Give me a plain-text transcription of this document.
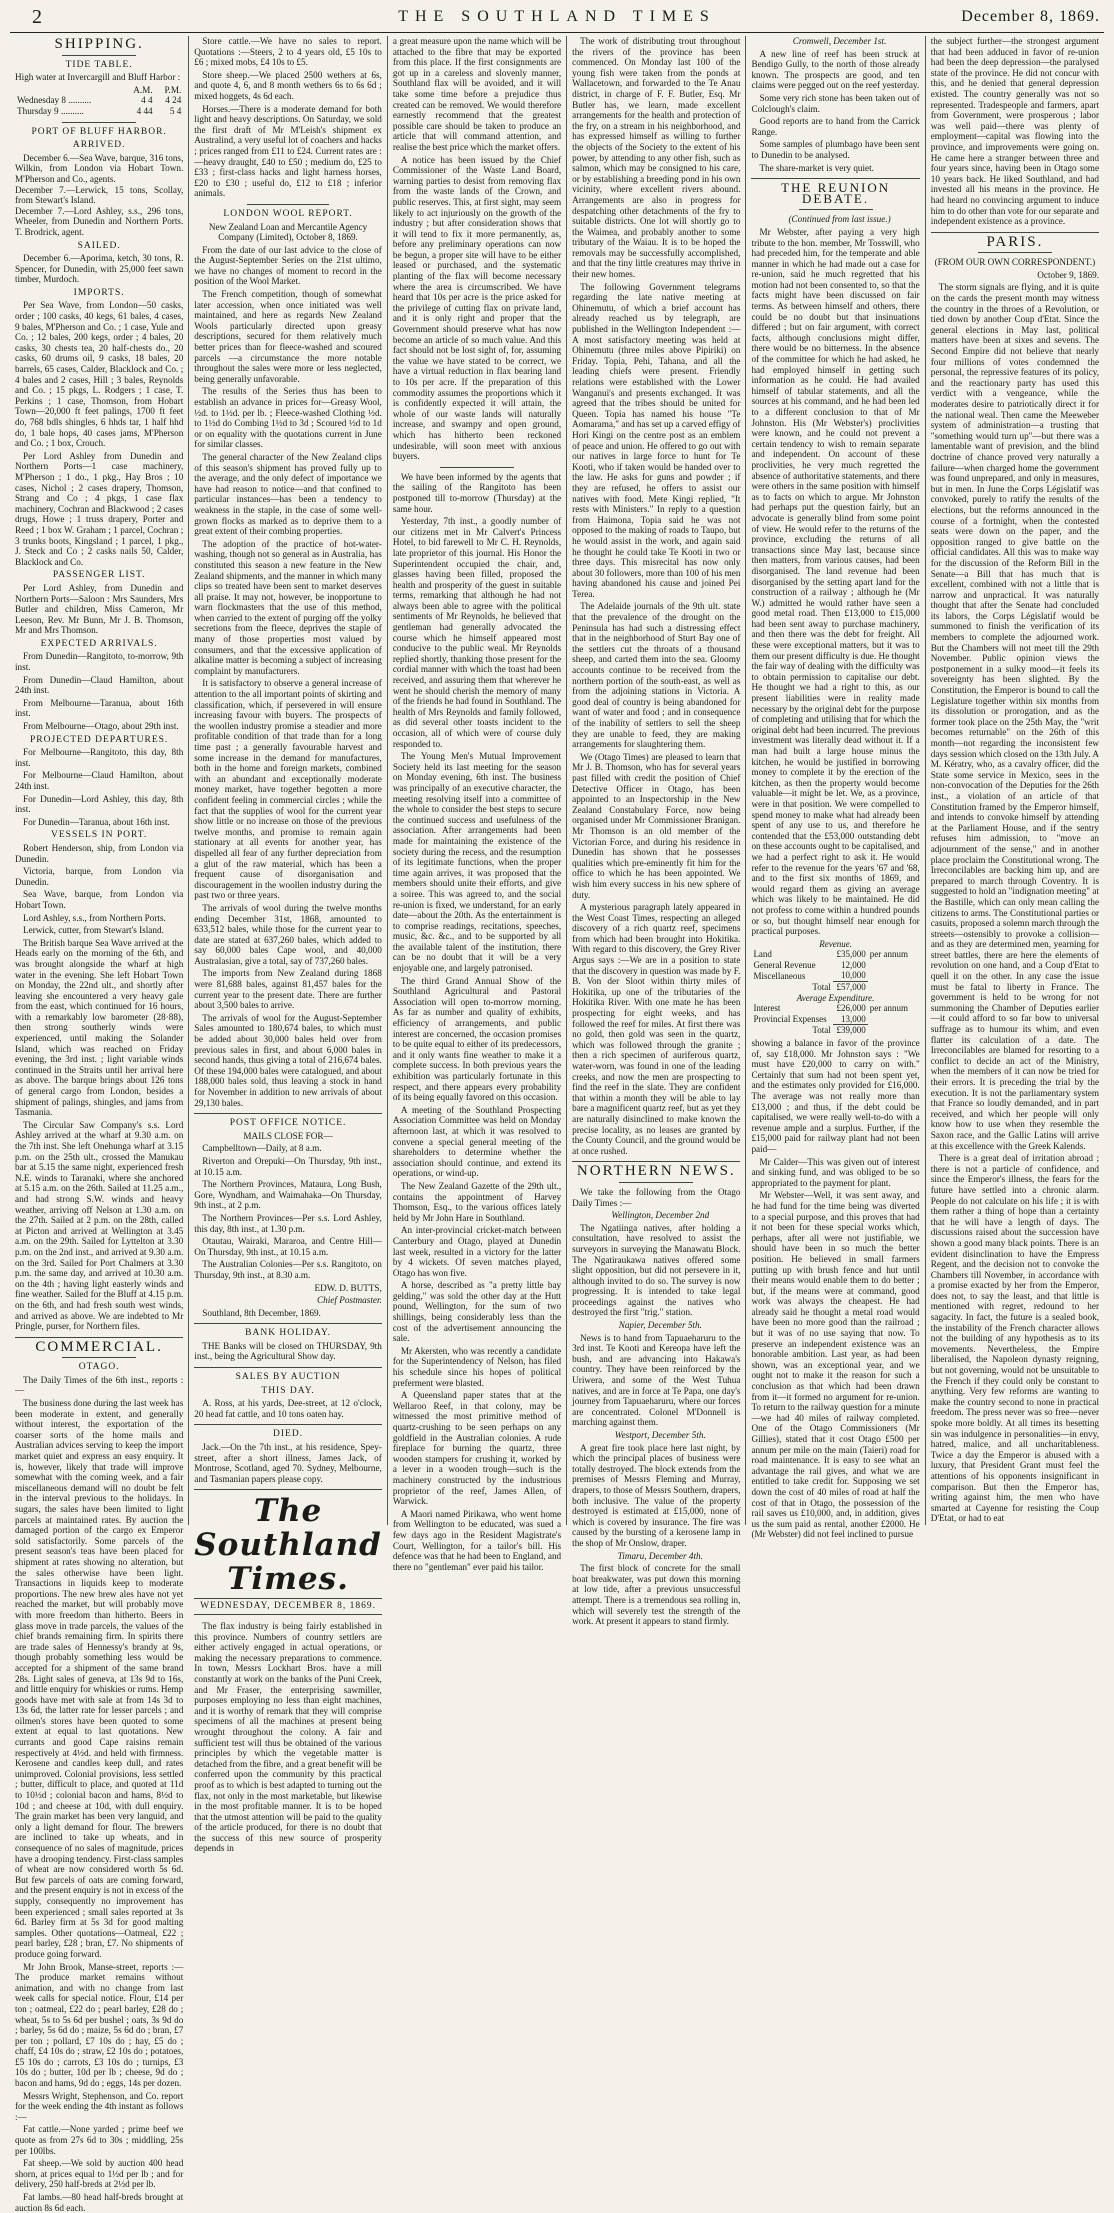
2	THE SOUTHLAND TIMES	December 8, 1869.
SHIPPING.
TIDE TABLE.

High water at Invercargill and Bluff Harbor :

	A.M.	P.M.
Wednesday 8 ..........	4 4	4 24
Thursday 9 ..........	4 44	5 4
PORT OF BLUFF HARBOR.
ARRIVED.

December 6.—Sea Wave, barque, 316 tons, Wilkin, from London via Hobart Town. M'Pherson and Co., agents.
December 7.—Lerwick, 15 tons, Scollay, from Stewart's Island.
December 7.—Lord Ashley, s.s., 296 tons, Wheeler, from Dunedin and Northern Ports. T. Brodrick, agent.

SAILED.

December 6.—Aporima, ketch, 30 tons, R. Spencer, for Dunedin, with 25,000 feet sawn timber, Murdoch.

IMPORTS.

Per Sea Wave, from London—50 casks, order ; 100 casks, 40 kegs, 61 bales, 4 cases, 9 bales, M'Pherson and Co. ; 1 case, Yule and Co. ; 12 bales, 200 kegs, order ; 4 bales, 20 casks, 30 chests tea, 20 half-chests do., 20 casks, 60 drums oil, 9 casks, 18 bales, 20 barrels, 65 cases, Calder, Blacklock and Co. ; 4 bales and 2 cases, Hill ; 3 bales, Reynolds and Co. ; 15 pkgs, L. Rodgers ; 1 case, T. Perkins ; 1 case, Thomson, from Hobart Town—20,000 ft feet palings, 1700 ft feet do, 768 bdls shingles, 6 hhds tar, 1 half hhd do, 1 bale hops, 40 cases jams, M'Pherson and Co. ; 1 box, Crouch.

Per Lord Ashley from Dunedin and Northern Ports—1 case machinery, M'Pherson ; 1 do., 1 pkg., Hay Bros ; 10 cases, Nichol ; 2 cases drapery, Thomson, Strang and Co ; 4 pkgs, 1 case flax machinery, Cochran and Blackwood ; 2 cases drugs, Howe ; 1 truss drapery, Porter and Reed ; 1 box W. Graham ; 1 parcel, Cochran ; 3 trunks boots, Kingsland ; 1 parcel, 1 pkg., J. Steck and Co ; 2 casks nails 50, Calder, Blacklock and Co.

PASSENGER LIST.

Per Lord Ashley, from Dunedin and Northern Ports—Saloon : Mrs Saunders, Mrs Butler and children, Miss Cameron, Mr Leeson, Rev. Mr Bunn, Mr J. B. Thomson, Mr and Mrs Thomson.

EXPECTED ARRIVALS.

From Dunedin—Rangitoto, to-morrow, 9th inst.

From Dunedin—Claud Hamilton, about 24th inst.

From Melbourne—Taranua, about 16th inst.

From Melbourne—Otago, about 29th inst.

PROJECTED DEPARTURES.

For Melbourne—Rangitoto, this day, 8th inst.

For Melbourne—Claud Hamilton, about 24th inst.

For Dunedin—Lord Ashley, this day, 8th inst.

For Dunedin—Taranua, about 16th inst.

VESSELS IN PORT.

Robert Henderson, ship, from London via Dunedin.

Victoria, barque, from London via Dunedin.

Sea Wave, barque, from London via Hobart Town.

Lord Ashley, s.s., from Northern Ports.

Lerwick, cutter, from Stewart's Island.

The British barque Sea Wave arrived at the Heads early on the morning of the 6th, and was brought alongside the wharf at high water in the evening. She left Hobart Town on Monday, the 22nd ult., and shortly after leaving she encountered a very heavy gale from the east, which continued for 16 hours, with a remarkably low barometer (28·88), then strong southerly winds were experienced, until making the Solander Island, which was reached on Friday evening, the 3rd inst. ; light variable winds continued in the Straits until her arrival here as above. The barque brings about 126 tons of general cargo from London, besides a shipment of palings, shingles, and jams from Tasmania.

The Circular Saw Company's s.s. Lord Ashley arrived at the wharf at 9.30 a.m. on the 7th inst. She left Onehunga wharf at 3.15 p.m. on the 25th ult., crossed the Manukau bar at 5.15 the same night, experienced fresh N.E. winds to Taranaki, where she anchored at 5.15 a.m. on the 26th. Sailed at 11.25 a.m., and had strong S.W. winds and heavy weather, arriving off Nelson at 1.30 a.m. on the 27th. Sailed at 2 p.m. on the 28th, called at Picton and arrived at Wellington at 3.45 a.m. on the 29th. Sailed for Lyttelton at 3.30 p.m. on the 2nd inst., and arrived at 9.30 a.m. on the 3rd. Sailed for Port Chalmers at 3.30 p.m. the same day, and arrived at 10.30 a.m. on the 4th ; having light easterly winds and fine weather. Sailed for the Bluff at 4.15 p.m. on the 6th, and had fresh south west winds, and arrived as above. We are indebted to Mr Pringle, purser, for Northern files.

COMMERCIAL.
OTAGO.

The Daily Times of the 6th inst., reports :—

The business done during the last week has been moderate in extent, and generally without interest, the exportation of the coarser sorts of the home mails and Australian advices serving to keep the import market quiet and express an easy enquiry. It is, however, likely that trade will improve somewhat with the coming week, and a fair miscellaneous demand will no doubt be felt in the interval previous to the holidays. In sugars, the sales have been limited to light parcels at maintained rates. By auction the damaged portion of the cargo ex Emperor sold satisfactorily. Some parcels of the present season's teas have been placed for shipment at rates showing no alteration, but the sales otherwise have been light. Transactions in liquids keep to moderate proportions. The new brew ales have not yet reached the market, but will probably move with more freedom than hitherto. Beers in glass move in trade parcels, the values of the chief brands remaining firm. In spirits there are trade sales of Hennessy's brandy at 9s, though probably something less would be accepted for a shipment of the same brand 28s. Light sales of geneva, at 13s 9d to 16s, and little enquiry for whiskies or rums. Hemp goods have met with sale at from 14s 3d to 13s 6d, the latter rate for lesser parcels ; and oilmen's stores have been quoted to some extent at equal to last quotations. New currants and good Cape raisins remain respectively at 4½d. and held with firmness. Kerosene and candles keep dull, and rates unimproved. Colonial provisions, less settled ; butter, difficult to place, and quoted at 11d to 10½d ; colonial bacon and hams, 8½d to 10d ; and cheese at 10d, with dull enquiry. The grain market has been very languid, and only a light demand for flour. The brewers are inclined to take up wheats, and in consequence of no sales of magnitude, prices have a drooping tendency. First-class samples of wheat are now considered worth 5s 6d. But few parcels of oats are coming forward, and the present enquiry is not in excess of the supply, consequently no improvement has been experienced ; small sales reported at 3s 6d. Barley firm at 5s 3d for good malting samples. Other quotations—Oatmeal, £22 ; pearl barley, £28 ; bran, £7. No shipments of produce going forward.

Mr John Brook, Manse-street, reports :—The produce market remains without animation, and with no change from last week calls for special notice. Flour, £14 per ton ; oatmeal, £22 do ; pearl barley, £28 do ; wheat, 5s to 5s 6d per bushel ; oats, 3s 9d do ; barley, 5s 6d do ; maize, 5s 6d do ; bran, £7 per ton ; pollard, £7 10s do ; hay, £5 do ; chaff, £4 10s do ; straw, £2 10s do ; potatoes, £5 10s do ; carrots, £3 10s do ; turnips, £3 10s do ; butter, 10d per lb ; cheese, 9d do ; bacon and hams, 9d do ; eggs, 14s per dozen.

Messrs Wright, Stephenson, and Co. report for the week ending the 4th instant as follows :—

Fat cattle.—None yarded ; prime beef we quote as from 27s 6d to 30s ; middling, 25s per 100lbs.

Fat sheep.—We sold by auction 400 head shorn, at prices equal to 1½d per lb ; and for delivery, 250 half-breds at 2½d per lb.

Fat lambs.—80 head half-breds brought at auction 8s 6d each.

Store cattle.—We have no sales to report. Quotations :—Steers, 2 to 4 years old, £5 10s to £6 ; mixed mobs, £4 10s to £5.

Store sheep.—We placed 2500 wethers at 6s, and quote 4, 6, and 8 month wethers 6s to 6s 6d ; mixed hoggets, 4s 6d each.

Horses.—There is a moderate demand for both light and heavy descriptions. On Saturday, we sold the first draft of Mr M'Leish's shipment ex Australind, a very useful lot of coachers and hacks ; prices ranged from £11 to £24. Current rates are :—heavy draught, £40 to £50 ; medium do, £25 to £33 ; first-class hacks and light harness horses, £20 to £30 ; useful do, £12 to £18 ; inferior animals.

LONDON WOOL REPORT.

New Zealand Loan and Mercantile Agency Company (Limited), October 8, 1869.

From the date of our last advice to the close of the August-September Series on the 21st ultimo, we have no changes of moment to record in the position of the Wool Market.

The French competition, though of somewhat later accession, when once initiated was well maintained, and here as regards New Zealand Wools particularly directed upon greasy descriptions, secured for them relatively much better prices than for fleece-washed and scoured parcels —a circumstance the more notable throughout the sales were more or less neglected, being generally unfavorable.

The results of the Series thus has been to establish an advance in prices for—Greasy Wool, ½d. to 1½d. per lb. ; Fleece-washed Clothing ½d. to 1½d do Combing 1½d to 3d ; Scoured ½d to 1d or on equality with the quotations current in June for similar classes.

The general character of the New Zealand clips of this season's shipment has proved fully up to the average, and the only defect of importance we have had reason to notice—and that confined to particular instances—has been a tendency to weakness in the staple, in the case of some well-grown flocks as marked as to deprive them to a great extent of their combing properties.

The adoption of the practice of hot-water-washing, though not so general as in Australia, has constituted this season a new feature in the New Zealand shipments, and the manner in which many clips so treated have been sent to market deserves all praise. It may not, however, be inopportune to warn flockmasters that the use of this method, when carried to the extent of purging off the yolky secretions from the fleece, deprives the staple of many of those properties most valued by consumers, and that the excessive application of alkaline matter is becoming a subject of increasing complaint by manufacturers.

It is satisfactory to observe a general increase of attention to the all important points of skirting and classification, which, if persevered in will ensure increasing favour with buyers. The prospects of the woollen industry promise a steadier and more profitable condition of that trade than for a long time past ; a generally favourable harvest and some increase in the demand for manufactures, both in the home and foreign markets, combined with an abundant and exceptionally moderate money market, have together begotten a more confident feeling in commercial circles ; while the fact that the supplies of wool for the current year show little or no increase on those of the previous twelve months, and promise to remain again stationary at all events for another year, has dispelled all fear of any further depreciation from a glut of the raw material, which has been a frequent cause of disorganisation and discouragement in the woollen industry during the past two or three years.

The arrivals of wool during the twelve months ending December 31st, 1868, amounted to 633,512 bales, while those for the current year to date are stated at 637,260 bales, which added to say 60,000 bales Cape wool, and 40,000 Australasian, give a total, say of 737,260 bales.

The imports from New Zealand during 1868 were 81,688 bales, against 81,457 bales for the current year to the present date. There are further about 3,500 bales to arrive.

The arrivals of wool for the August-September Sales amounted to 180,674 bales, to which must be added about 30,000 bales held over from previous sales in first, and about 6,000 bales in second hands, thus giving a total of 216,674 bales. Of these 194,000 bales were catalogued, and about 188,000 bales sold, thus leaving a stock in hand for November in addition to new arrivals of about 29,130 bales.

POST OFFICE NOTICE.

MAILS CLOSE FOR—

Campbelltown—Daily, at 8 a.m.

Riverton and Orepuki—On Thursday, 9th inst., at 10.15 a.m.

The Northern Provinces, Mataura, Long Bush, Gore, Wyndham, and Waimahaka—On Thursday, 9th inst., at 2 p.m.

The Northern Provinces—Per s.s. Lord Ashley, this day, 8th inst., at 1.30 p.m.

Otautau, Wairaki, Mararoa, and Centre Hill—On Thursday, 9th inst., at 10.15 a.m.

The Australian Colonies—Per s.s. Rangitoto, on Thursday, 9th inst., at 8.30 a.m.

EDW. D. BUTTS,

Chief Postmaster.

Southland, 8th December, 1869.

BANK HOLIDAY.

THE Banks will be closed on THURSDAY, 9th inst., being the Agricultural Show day.

SALES BY AUCTION
THIS DAY.

A. Ross, at his yards, Dee-street, at 12 o'clock, 20 head fat cattle, and 10 tons oaten hay.

DIED.

Jack.—On the 7th inst., at his residence, Spey-street, after a short illness, James Jack, of Montrose, Scotland, aged 70. Sydney, Melbourne, and Tasmanian papers please copy.

The Southland Times.
WEDNESDAY, DECEMBER 8, 1869.

The flax industry is being fairly established in this province. Numbers of country settlers are either actively engaged in actual operations, or making the necessary preparations to commence. In town, Messrs Lockhart Bros. have a mill constantly at work on the banks of the Puni Creek, and Mr Fraser, the enterprising sawmiller, purposes employing no less than eight machines, and it is worthy of remark that they will comprise specimens of all the machines at present being wrought throughout the colony. A fair and sufficient test will thus be obtained of the various principles by which the vegetable matter is detached from the fibre, and a great benefit will be conferred upon the community by this practical proof as to which is best adapted to turning out the flax, not only in the most marketable, but likewise in the most profitable manner. It is to be hoped that the utmost attention will be paid to the quality of the article produced, for there is no doubt that the success of this new source of prosperity depends in

a great measure upon the name which will be attached to the fibre that may be exported from this place. If the first consignments are got up in a careless and slovenly manner, Southland flax will be avoided, and it will take some time before a prejudice thus created can be removed. We would therefore earnestly recommend that the greatest possible care should be taken to produce an article that will command attention, and realise the best price which the market offers.

A notice has been issued by the Chief Commissioner of the Waste Land Board, warning parties to desist from removing flax from the waste lands of the Crown, and public reserves. This, at first sight, may seem likely to act injuriously on the growth of the industry ; but after consideration shows that it will tend to fix it more permanently, as, before any preliminary operations can now be begun, a proper site will have to be either leased or purchased, and the systematic planting of the flax will become necessary where the area is circumscribed. We have heard that 10s per acre is the price asked for the privilege of cutting flax on private land, and it is only right and proper that the Government should preserve what has now become an article of so much value. And this fact should not be lost sight of, for, assuming the value we have stated to be correct, we have a virtual reduction in flax bearing land to 10s per acre. If the preparation of this commodity assumes the proportions which it is confidently expected it will attain, the whole of our waste lands will naturally increase, and swampy and open ground, which has hitherto been reckoned undesirable, will soon meet with anxious buyers.

We have been informed by the agents that the sailing of the Rangitoto has been postponed till to-morrow (Thursday) at the same hour.

Yesterday, 7th inst., a goodly number of our citizens met in Mr Calvert's Princess Hotel, to bid farewell to Mr C. H. Reynolds, late proprietor of this journal. His Honor the Superintendent occupied the chair, and, glasses having been filled, proposed the health and prosperity of the guest in suitable terms, remarking that although he had not always been able to agree with the political sentiments of Mr Reynolds, he believed that gentleman had generally advocated the course which he himself appeared most conducive to the public weal. Mr Reynolds replied shortly, thanking those present for the cordial manner with which the toast had been received, and assuring them that wherever he went he should cherish the memory of many of the friends he had found in Southland. The health of Mrs Reynolds and family followed, as did several other toasts incident to the occasion, all of which were of course duly responded to.

The Young Men's Mutual Improvement Society held its last meeting for the season on Monday evening, 6th inst. The business was principally of an executive character, the meeting resolving itself into a committee of the whole to consider the best steps to secure the continued success and usefulness of the association. After arrangements had been made for maintaining the existence of the society during the recess, and the resumption of its legitimate functions, when the proper time again arrives, it was proposed that the members should unite their efforts, and give a soiree. This was agreed to, and the social re-union is fixed, we understand, for an early date—about the 20th. As the entertainment is to comprise readings, recitations, speeches, music, &c. &c., and to be supported by all the available talent of the institution, there can be no doubt that it will be a very enjoyable one, and largely patronised.

The third Grand Annual Show of the Southland Agricultural and Pastoral Association will open to-morrow morning. As far as number and quality of exhibits, efficiency of arrangements, and public interest are concerned, the occasion promises to be quite equal to either of its predecessors, and it only wants fine weather to make it a complete success. In both previous years the exhibition was particularly fortunate in this respect, and there appears every probability of its being equally favored on this occasion.

A meeting of the Southland Prospecting Association Committee was held on Monday afternoon last, at which it was resolved to convene a special general meeting of the shareholders to determine whether the association should continue, and extend its operations, or wind-up.

The New Zealand Gazette of the 29th ult., contains the appointment of Harvey Thomson, Esq., to the various offices lately held by Mr John Hare in Southland.

An inter-provincial cricket-match between Canterbury and Otago, played at Dunedin last week, resulted in a victory for the latter by 4 wickets. Of seven matches played, Otago has won five.

A horse, described as "a pretty little bay gelding," was sold the other day at the Hutt pound, Wellington, for the sum of two shillings, being considerably less than the cost of the advertisement announcing the sale.

Mr Akersten, who was recently a candidate for the Superintendency of Nelson, has filed his schedule since his hopes of political preferment were blasted.

A Queensland paper states that at the Wellaroo Reef, in that colony, may be witnessed the most primitive method of quartz-crushing to be seen perhaps on any goldfield in the Australian colonies. A rude fireplace for burning the quartz, three wooden stampers for crushing it, worked by a lever in a wooden trough—such is the machinery constructed by the industrious proprietor of the reef, James Allen, of Warwick.

A Maori named Pirikawa, who went home from Wellington to be educated, was sued a few days ago in the Resident Magistrate's Court, Wellington, for a tailor's bill. His defence was that he had been to England, and there no "gentleman" ever paid his tailor.

The work of distributing trout throughout the rivers of the province has been commenced. On Monday last 100 of the young fish were taken from the ponds at Wallacetown, and forwarded to the Te Anau district, in charge of F. F. Butler, Esq. Mr Butler has, we learn, made excellent arrangements for the health and protection of the fry, on a stream in his neighborhood, and has expressed himself as willing to further the objects of the Society to the extent of his power, by attending to any other fish, such as salmon, which may be consigned to his care, or by establishing a breeding pond in his own vicinity, where excellent rivers abound. Arrangements are also in progress for despatching other detachments of the fry to suitable districts. One lot will shortly go to the Waimea, and probably another to some tributary of the Waiau. It is to be hoped the removals may be successfully accomplished, and that the tiny little creatures may thrive in their new homes.

The following Government telegrams regarding the late native meeting at Ohinemutu, of which a brief account has already reached us by telegraph, are published in the Wellington Independent :—A most satisfactory meeting was held at Ohinemutu (three miles above Pipiriki) on Friday. Topia, Pehi, Tahana, and all the leading chiefs were present. Friendly relations were established with the Lower Wanganui's and presents exchanged. It was agreed that the tribes should be united for Queen. Topia has named his house "Te Aomarama," and has set up a carved effigy of Hori Kingi on the centre post as an emblem of peace and union. He offered to go out with our natives in large force to hunt for Te Kooti, who if taken would be handed over to the law. He asks for guns and powder ; if they are refused, he offers to assist our natives with food. Mete Kingi replied, "It rests with Ministers." In reply to a question from Haimona, Topia said he was not opposed to the making of roads to Taupo, but he would assist in the work, and again said he thought he could take Te Kooti in two or three days. This misrecital has now only about 30 followers, more than 100 of his men having abandoned his cause and joined Pei Terea.

The Adelaide journals of the 9th ult. state that the prevalence of the drought on the Peninsula has had such a distressing effect that in the neighborhood of Sturt Bay one of the settlers cut the throats of a thousand sheep, and carted them into the sea. Gloomy accounts continue to be received from the northern portion of the south-east, as well as from the adjoining stations in Victoria. A good deal of country is being abandoned for want of water and food ; and in consequence of the inability of settlers to sell the sheep they are unable to feed, they are making arrangements for slaughtering them.

We (Otago Times) are pleased to learn that Mr J. B. Thomson, who has for several years past filled with credit the position of Chief Detective Officer in Otago, has been appointed to an Inspectorship in the New Zealand Constabulary Force, now being organised under Mr Commissioner Branigan. Mr Thomson is an old member of the Victorian Force, and during his residence in Dunedin has shown that he possesses qualities which pre-eminently fit him for the office to which he has been appointed. We wish him every success in his new sphere of duty.

A mysterious paragraph lately appeared in the West Coast Times, respecting an alleged discovery of a rich quartz reef, specimens from which had been brought into Hokitika. With regard to this discovery, the Grey River Argus says :—We are in a position to state that the discovery in question was made by F. B. Von der Sloot within thirty miles of Hokitika, up one of the tributaries of the Hokitika River. With one mate he has been prospecting for eight weeks, and has followed the reef for miles. At first there was no gold, then gold was seen in the quartz, which was followed through the granite ; then a rich specimen of auriferous quartz, water-worn, was found in one of the leading creeks, and now the men are prospecting to find the reef in the slate. They are confident that within a month they will be able to lay bare a magnificent quartz reef, but as yet they are naturally disinclined to make known the precise locality, as no leases are granted by the County Council, and the ground would be at once rushed.

NORTHERN NEWS.

We take the following from the Otago Daily Times :—

Wellington, December 2nd

The Ngatiinga natives, after holding a consultation, have resolved to assist the surveyors in surveying the Manawatu Block. The Ngatiraukawa natives offered some slight opposition, but did not persevere in it, although invited to do so. The survey is now progressing. It is intended to take legal proceedings against the natives who destroyed the first "trig." station.

Napier, December 5th.

News is to hand from Tapuaeharuru to the 3rd inst. Te Kooti and Kereopa have left the bush, and are advancing into Hakawa's country. They have been reinforced by the Uriwera, and some of the West Tuhua natives, and are in force at Te Papa, one day's journey from Tapuaeharuru, where our forces are concentrated. Colonel M'Donnell is marching against them.

Westport, December 5th.

A great fire took place here last night, by which the principal places of business were totally destroyed. The block extends from the premises of Messrs Fleming and Murray, drapers, to those of Messrs Southern, drapers, both inclusive. The value of the property destroyed is estimated at £15,000, none of which is covered by insurance. The fire was caused by the bursting of a kerosene lamp in the shop of Mr Onslow, draper.

Timaru, December 4th.

The first block of concrete for the small boat breakwater, was put down this morning at low tide, after a previous unsuccessful attempt. There is a tremendous sea rolling in, which will severely test the strength of the work. At present it appears to stand firmly.

Cromwell, December 1st.

A new line of reef has been struck at Bendigo Gully, to the north of those already known. The prospects are good, and ten claims were pegged out on the reef yesterday.

Some very rich stone has been taken out of Colclough's claim.

Good reports are to hand from the Carrick Range.

Some samples of plumbago have been sent to Dunedin to be analysed.

The share-market is very quiet.

THE REUNION DEBATE.

(Continued from last issue.)

Mr Webster, after paying a very high tribute to the hon. member, Mr Tosswill, who had preceded him, for the temperate and able manner in which he had made out a case for re-union, said he much regretted that his motion had not been consented to, so that the facts might have been discussed on fair terms. As between himself and others, there could be no doubt but that insinuations differed ; but on fair argument, with correct facts, although conclusions might differ, there would be no bitterness. In the absence of the committee for which he had asked, he had employed himself in getting such information as he could. He had availed himself of tabular statements, and all the sources at his command, and he had been led to a different conclusion to that of Mr Johnston. His (Mr Webster's) proclivities were known, and he could not prevent a certain tendency to wish to remain separate and independent. On account of these proclivities, he very much regretted the absence of authoritative statements, and there were others in the same position with himself as to facts on which to argue. Mr Johnston had perhaps put the question fairly, but an advocate is generally blind from some point of view. He would refer to the returns of the province, excluding the returns of all transactions since May last, because since then matters, from various causes, had been disorganised. The land revenue had been disorganised by the setting apart land for the construction of a railway ; although he (Mr W.) admitted he would rather have seen a good metal road. Then £13,000 to £15,000 had been sent away to purchase machinery, and then there was the debt for freight. All these were exceptional matters, but it was to them our present difficulty is due. He thought the fair way of dealing with the difficulty was to obtain permission to capitalise our debt. He thought we had a right to this, as our present liabilities were in reality made necessary by the original debt for the purpose of completing and utilising that for which the original debt had been incurred. The previous investment was literally dead without it. If a man had built a large house minus the kitchen, he would be justified in borrowing money to complete it by the erection of the kitchen, as then the property would become valuable—it might be let. We, as a province, were in that position. We were compelled to spend money to make what had already been spent of any use to us, and therefore he contended that the £53,000 outstanding debt on these accounts ought to be capitalised, and we had a perfect right to ask it. He would refer to the revenue for the years '67 and '68, and to the first six months of 1869, and would regard them as giving an average which was likely to be maintained. He did not profess to come within a hundred pounds or so, but thought himself near enough for practical purposes.

Revenue.		
Land	£35,000	per annum
General Revenue	12,000	
Miscellaneous	10,000	
Total	£57,000	
Average Expenditure.		
Interest	£26,000	per annum
Provincial Expenses	13,000	
Total	£39,000	

showing a balance in favor of the province of, say £18,000. Mr Johnston says : "We must have £20,000 to carry on with." Certainly that sum had not been spent yet, and the estimates only provided for £16,000. The average was not really more than £13,000 ; and thus, if the debt could be capitalised, we were really well-to-do with a revenue ample and a surplus. Further, if the £15,000 paid for railway plant had not been paid—

Mr Calder—This was given out of interest and sinking fund, and was obliged to be so appropriated to the payment for plant.

Mr Webster—Well, it was sent away, and he had fund for the time being was diverted to a special purpose, and this proves that had it not been for these special works which, perhaps, after all were not justifiable, we should have been in so much the better position. He believed in small farmers putting up with brush fence and hut until their means would enable them to do better ; but, if the means were at command, good work was always the cheapest. He had already said he thought a metal road would have been no more good than the railroad ; but it was of no use saying that now. To preserve an independent existence was an honorable ambition. Last year, as had been shown, was an exceptional year, and we ought not to make it the reason for such a conclusion as that which had been drawn from it—it formed no argument for re-union. To return to the railway question for a minute—we had 40 miles of railway completed. One of the Otago Commissioners (Mr Gillies), stated that it cost Otago £500 per annum per mile on the main (Taieri) road for road maintenance. It is easy to see what an advantage the rail gives, and what we are entitled to take credit for. Supposing we set down the cost of 40 miles of road at half the cost of that in Otago, the possession of the rail saves us £10,000, and, in addition, gives us the sum paid as rental, another £2000. He (Mr Webster) did not feel inclined to pursue

the subject further—the strongest argument that had been adduced in favor of re-union had been the deep depression—the paralysed state of the province. He did not concur with this, and he denied that general depression existed. The country generally was not so represented. Tradespeople and farmers, apart from Government, were prosperous ; labor was well paid—there was plenty of employment—capital was flowing into the province, and improvements were going on. He came here a stranger between three and four years since, having been in Otago some 10 years back. He liked Southland, and had invested all his means in the province. He had heard no convincing argument to induce him to do other than vote for our separate and independent existence as a province.

PARIS.

(FROM OUR OWN CORRESPONDENT.)

October 9, 1869.

The storm signals are flying, and it is quite on the cards the present month may witness the country in the throes of a Revolution, or tied down by another Coup d'Etat. Since the general elections in May last, political matters have been at sixes and sevens. The Second Empire did not believe that nearly four millions of votes condemned the personal, the repressive features of its policy, and the reactionary party has used this verdict with a vengeance, while the moderates desire to patriotically direct it for the national weal. Then came the Meeweber system of administration—a trusting that "something would turn up"—but there was a lamentable want of prevision, and the blind doctrine of chance proved very naturally a failure—when charged home the government was found unprepared, and only in measures, but in men. In June the Corps Législatif was convoked, purely to ratify the results of the elections, but the reforms announced in the course of a fortnight, when the contested seats were down on the paper, and the opposition ranged to give battle on the official candidates. All this was to make way for the discussion of the Reform Bill in the Senate—a Bill that has much that is excellent, combined with not a little that is narrow and unpractical. It was naturally thought that after the Senate had concluded its labors, the Corps Législatif would be summoned to finish the verification of its members to complete the adjourned work. But the Chambers will not meet till the 29th November. Public opinion views the postponement in a sulky mood—it feels its sovereignty has been slighted. By the Constitution, the Emperor is bound to call the Legislature together within six months from its dissolution or prorogation, and as the former took place on the 25th May, the "writ becomes returnable" on the 26th of this month—not regarding the inconsistent few days session which closed on the 13th July. A M. Kératry, who, as a cavalry officer, did the State some service in Mexico, sees in the non-convocation of the Deputies for the 26th inst., a violation of an article of that Constitution framed by the Emperor himself, and intends to convoke himself by attending at the Parliament House, and if the sentry refuses him admission, to "move an adjournment of the sense," and in another place proclaim the Constitutional wrong. The Irreconcilables are backing him up, and are prepared to march through Coventry. It is suggested to hold an "indignation meeting" at the Bastille, which can only mean calling the citizens to arms. The Constitutional parties or casuits, proposed a solemn march through the streets—ostensibly to provoke a collision—and as they are determined men, yearning for street battles, there are here the elements of revolution on one hand, and a Coup d'Etat to quell it on the other. In any case the issue must be fatal to liberty in France. The government is held to be wrong for not summoning the Chamber of Deputies earlier—it could afford to so far bow to universal suffrage as to humour its whim, and even flatter its calculation of a date. The Irreconcilables are blamed for resorting to a conflict to decide an act of the Ministry, when the members of it can now be tried for their errors. It is preceding the trial by the execution. It is not the parliamentary system that France so loudly demanded, and in part received, and which her people will only know how to use when they resemble the Saxon race, and the Gallic Latins will arrive at this excellence with the Greek Kalends.

There is a great deal of irritation abroad ; there is not a particle of confidence, and since the Emperor's illness, the fears for the future have settled into a chronic alarm. People do not calculate on his life ; it is with them rather a thing of hope than a certainty that he will have a length of days. The discussions raised about the succession have shown a good many black points. There is an evident disinclination to have the Empress Regent, and the decision not to convoke the Chambers till November, in accordance with a promise exacted by her from the Emperor, does not, to say the least, and that little is mentioned with regret, redound to her sagacity. In fact, the future is a sealed book, the instability of the French character allows not the building of any hypothesis as to its movements. Nevertheless, the Empire liberalised, the Napoleon dynasty reigning, but not governing, would not be unsuitable to the French if they could only be constant to anything. Very few reforms are wanting to make the country second to none in practical freedom. The press never was so free—never spoke more boldly. At all times its besetting sin was indulgence in personalities—in envy, hatred, malice, and all uncharitableness. Twice a day the Emperor is abused with a luxury, that President Grant must feel the attentions of his opponents insignificant in comparison. But then the Emperor has, writing against him, the men who have smarted at Cayenne for resisting the Coup D'Etat, or had to eat
